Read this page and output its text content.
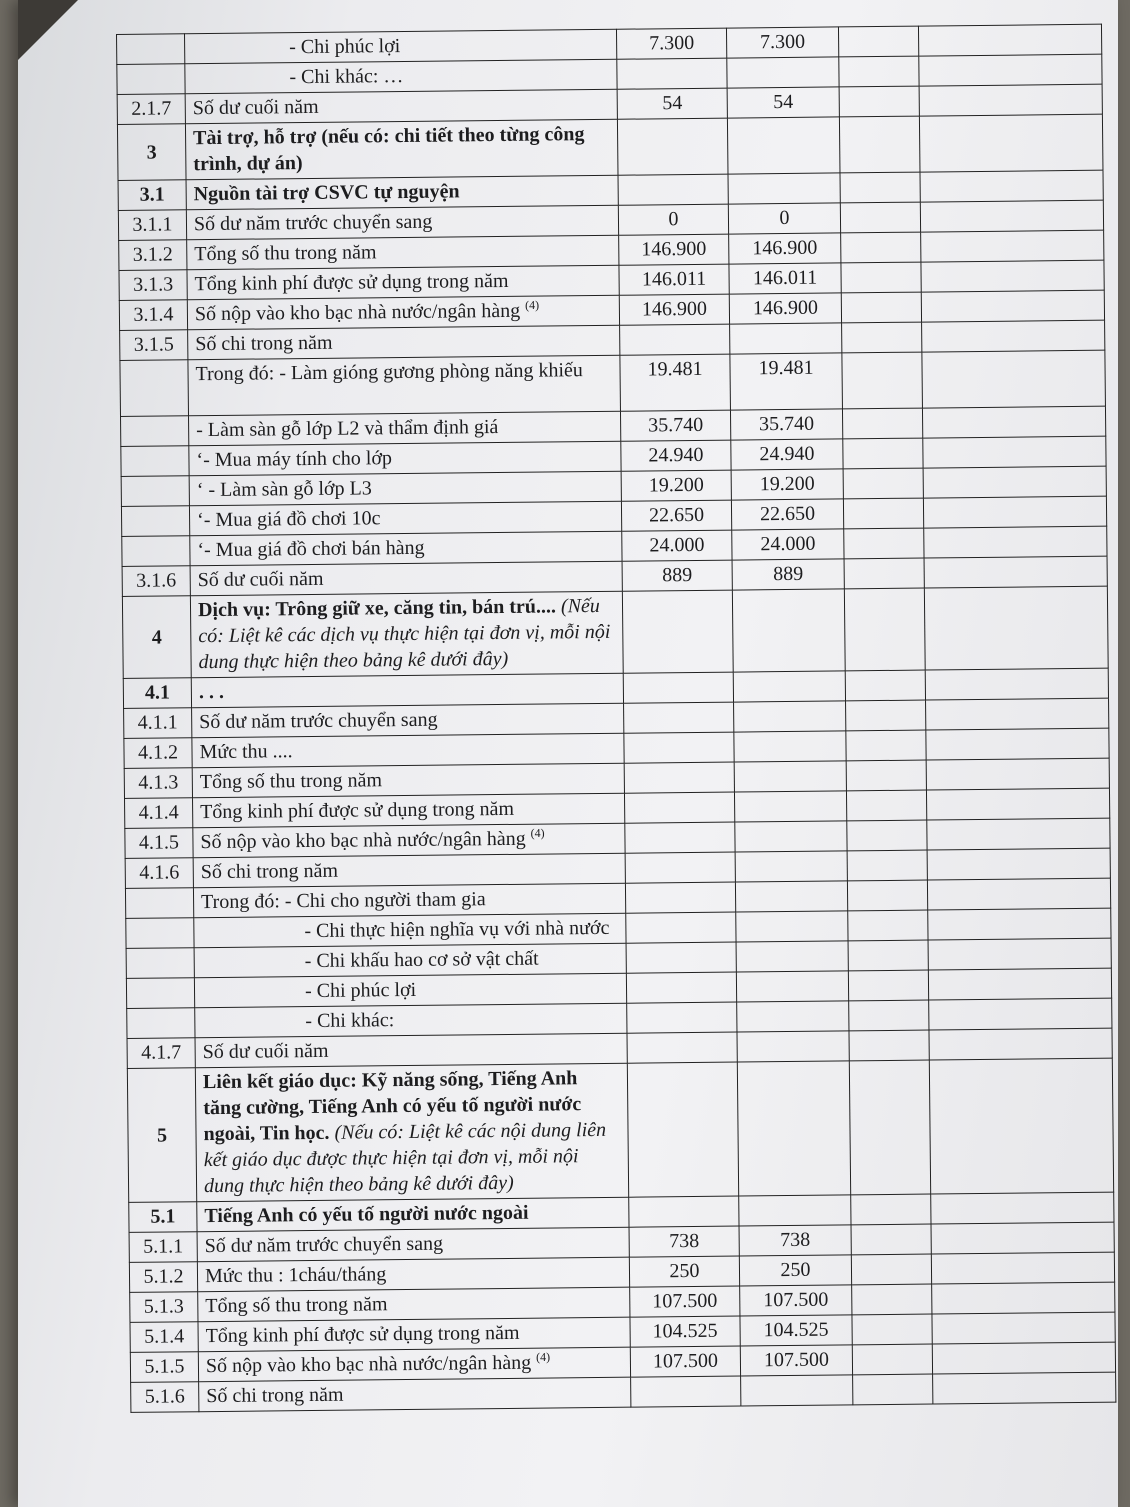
	- Chi phúc lợi	7.300	7.300		
	- Chi khác: …				
2.1.7	Số dư cuối năm	54	54		
3	Tài trợ, hỗ trợ (nếu có: chi tiết theo từng công trình, dự án)				
3.1	Nguồn tài trợ CSVC tự nguyện				
3.1.1	Số dư năm trước chuyển sang	0	0		
3.1.2	Tổng số thu trong năm	146.900	146.900		
3.1.3	Tổng kinh phí được sử dụng trong năm	146.011	146.011		
3.1.4	Số nộp vào kho bạc nhà nước/ngân hàng $^{(4)}$	146.900	146.900		
3.1.5	Số chi trong năm				
	Trong đó: - Làm gióng gương phòng năng khiếu	19.481	19.481		
	- Làm sàn gỗ lớp L2 và thẩm định giá	35.740	35.740		
	‘- Mua máy tính cho lớp	24.940	24.940		
	‘ - Làm sàn gỗ lớp L3	19.200	19.200		
	‘- Mua giá đồ chơi 10c	22.650	22.650		
	‘- Mua giá đồ chơi bán hàng	24.000	24.000		
3.1.6	Số dư cuối năm	889	889		
4	Dịch vụ: Trông giữ xe, căng tin, bán trú.... (Nếu có: Liệt kê các dịch vụ thực hiện tại đơn vị, mỗi nội dung thực hiện theo bảng kê dưới đây)				
4.1	. . .				
4.1.1	Số dư năm trước chuyển sang				
4.1.2	Mức thu ....				
4.1.3	Tổng số thu trong năm				
4.1.4	Tổng kinh phí được sử dụng trong năm				
4.1.5	Số nộp vào kho bạc nhà nước/ngân hàng $^{(4)}$				
4.1.6	Số chi trong năm				
	Trong đó: - Chi cho người tham gia				
	- Chi thực hiện nghĩa vụ với nhà nước				
	- Chi khấu hao cơ sở vật chất				
	- Chi phúc lợi				
	- Chi khác:				
4.1.7	Số dư cuối năm				
5	Liên kết giáo dục: Kỹ năng sống, Tiếng Anh tăng cường, Tiếng Anh có yếu tố người nước ngoài, Tin học. (Nếu có: Liệt kê các nội dung liên kết giáo dục được thực hiện tại đơn vị, mỗi nội dung thực hiện theo bảng kê dưới đây)				
5.1	Tiếng Anh có yếu tố người nước ngoài				
5.1.1	Số dư năm trước chuyển sang	738	738		
5.1.2	Mức thu : 1cháu/tháng	250	250		
5.1.3	Tổng số thu trong năm	107.500	107.500		
5.1.4	Tổng kinh phí được sử dụng trong năm	104.525	104.525		
5.1.5	Số nộp vào kho bạc nhà nước/ngân hàng $^{(4)}$	107.500	107.500		
5.1.6	Số chi trong năm				
